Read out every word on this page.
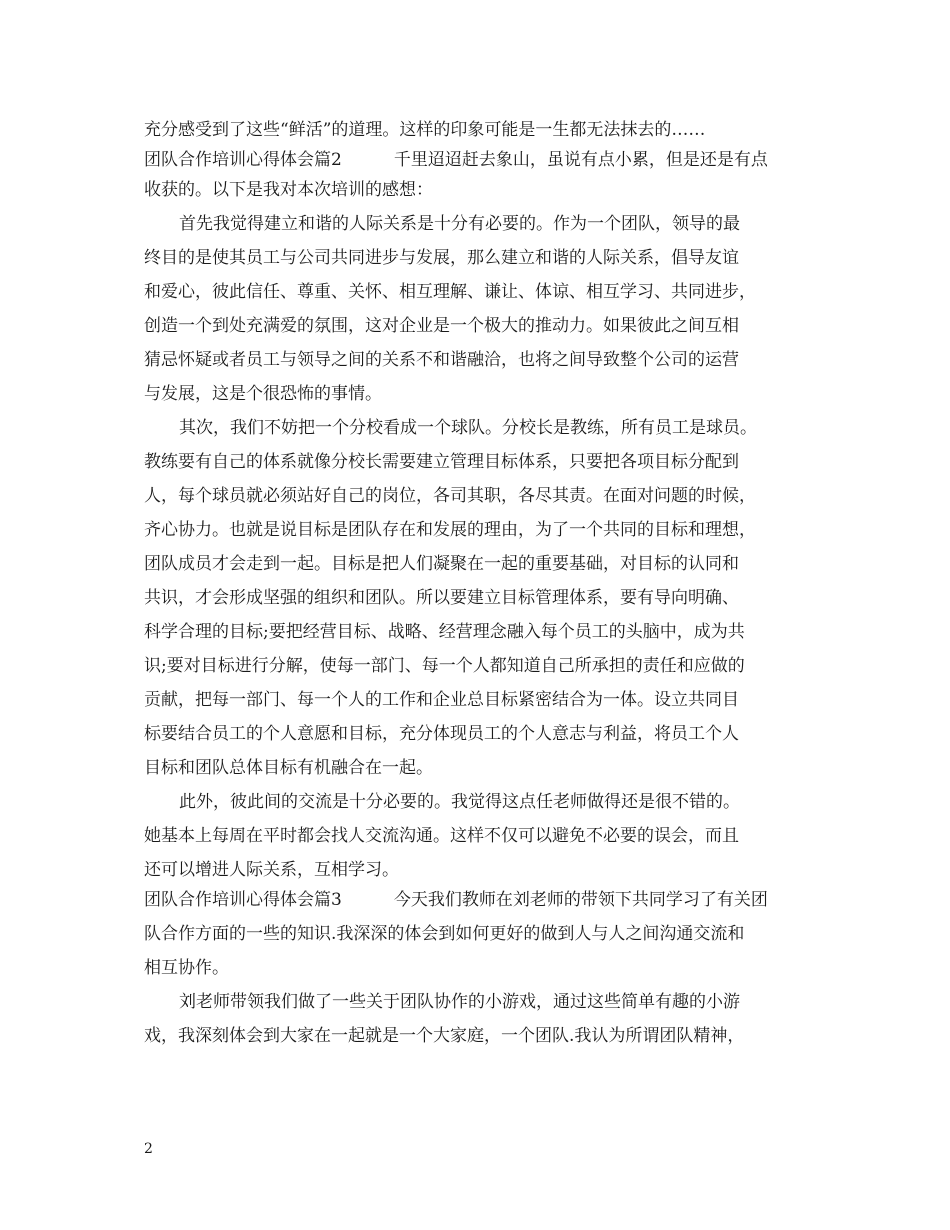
充分感受到了这些“鲜活”的道理。这样的印象可能是一生都无法抹去的……
团队合作培训心得体会篇2	千里迢迢赶去象山，虽说有点小累，但是还是有点
收获的。以下是我对本次培训的感想：
首先我觉得建立和谐的人际关系是十分有必要的。作为一个团队，领导的最
终目的是使其员工与公司共同进步与发展，那么建立和谐的人际关系，倡导友谊
和爱心，彼此信任、尊重、关怀、相互理解、谦让、体谅、相互学习、共同进步，
创造一个到处充满爱的氛围，这对企业是一个极大的推动力。如果彼此之间互相
猜忌怀疑或者员工与领导之间的关系不和谐融洽，也将之间导致整个公司的运营
与发展，这是个很恐怖的事情。
其次，我们不妨把一个分校看成一个球队。分校长是教练，所有员工是球员。
教练要有自己的体系就像分校长需要建立管理目标体系，只要把各项目标分配到
人，每个球员就必须站好自己的岗位，各司其职，各尽其责。在面对问题的时候，
齐心协力。也就是说目标是团队存在和发展的理由，为了一个共同的目标和理想，
团队成员才会走到一起。目标是把人们凝聚在一起的重要基础，对目标的认同和
共识，才会形成坚强的组织和团队。所以要建立目标管理体系，要有导向明确、
科学合理的目标;要把经营目标、战略、经营理念融入每个员工的头脑中，成为共
识;要对目标进行分解，使每一部门、每一个人都知道自己所承担的责任和应做的
贡献，把每一部门、每一个人的工作和企业总目标紧密结合为一体。设立共同目
标要结合员工的个人意愿和目标，充分体现员工的个人意志与利益，将员工个人
目标和团队总体目标有机融合在一起。
此外，彼此间的交流是十分必要的。我觉得这点任老师做得还是很不错的。
她基本上每周在平时都会找人交流沟通。这样不仅可以避免不必要的误会，而且
还可以增进人际关系，互相学习。
团队合作培训心得体会篇3	今天我们教师在刘老师的带领下共同学习了有关团
队合作方面的一些的知识.我深深的体会到如何更好的做到人与人之间沟通交流和
相互协作。
刘老师带领我们做了一些关于团队协作的小游戏，通过这些简单有趣的小游
戏，我深刻体会到大家在一起就是一个大家庭，一个团队.我认为所谓团队精神，
2
